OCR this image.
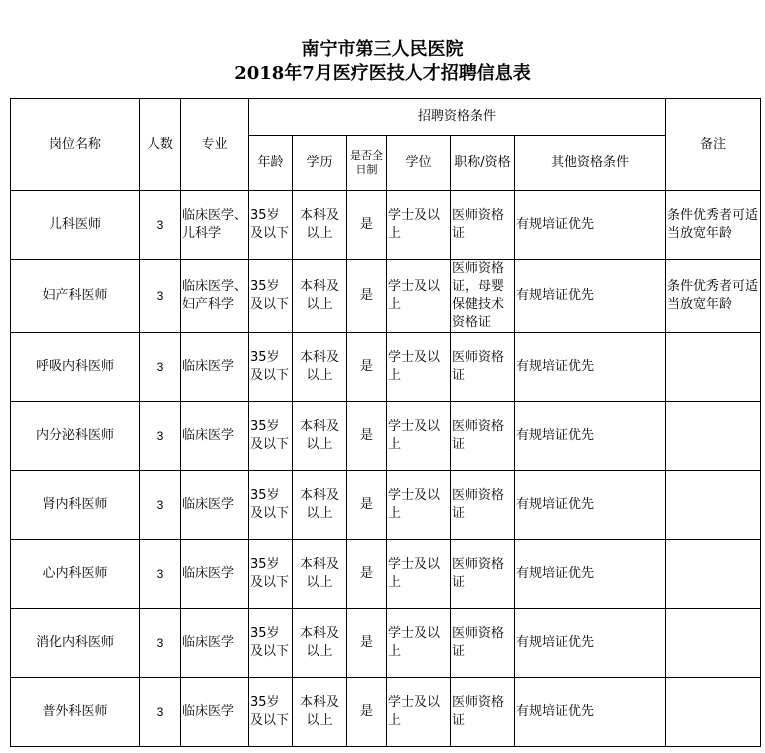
南宁市第三人民医院
2018年7月医疗医技人才招聘信息表
岗位名称	人数	专业	招聘资格条件						备注
			年龄	学历	是否全日制	学位	职称/资格	其他资格条件	
儿科医师	3	临床医学、儿科学	35岁及以下	本科及以上	是	学士及以上	医师资格证	有规培证优先	条件优秀者可适当放宽年龄
妇产科医师	3	临床医学、妇产科学	35岁及以下	本科及以上	是	学士及以上	医师资格证，母婴保健技术资格证	有规培证优先	条件优秀者可适当放宽年龄
呼吸内科医师	3	临床医学	35岁及以下	本科及以上	是	学士及以上	医师资格证	有规培证优先	
内分泌科医师	3	临床医学	35岁及以下	本科及以上	是	学士及以上	医师资格证	有规培证优先	
肾内科医师	3	临床医学	35岁及以下	本科及以上	是	学士及以上	医师资格证	有规培证优先	
心内科医师	3	临床医学	35岁及以下	本科及以上	是	学士及以上	医师资格证	有规培证优先	
消化内科医师	3	临床医学	35岁及以下	本科及以上	是	学士及以上	医师资格证	有规培证优先	
普外科医师	3	临床医学	35岁及以下	本科及以上	是	学士及以上	医师资格证	有规培证优先	
